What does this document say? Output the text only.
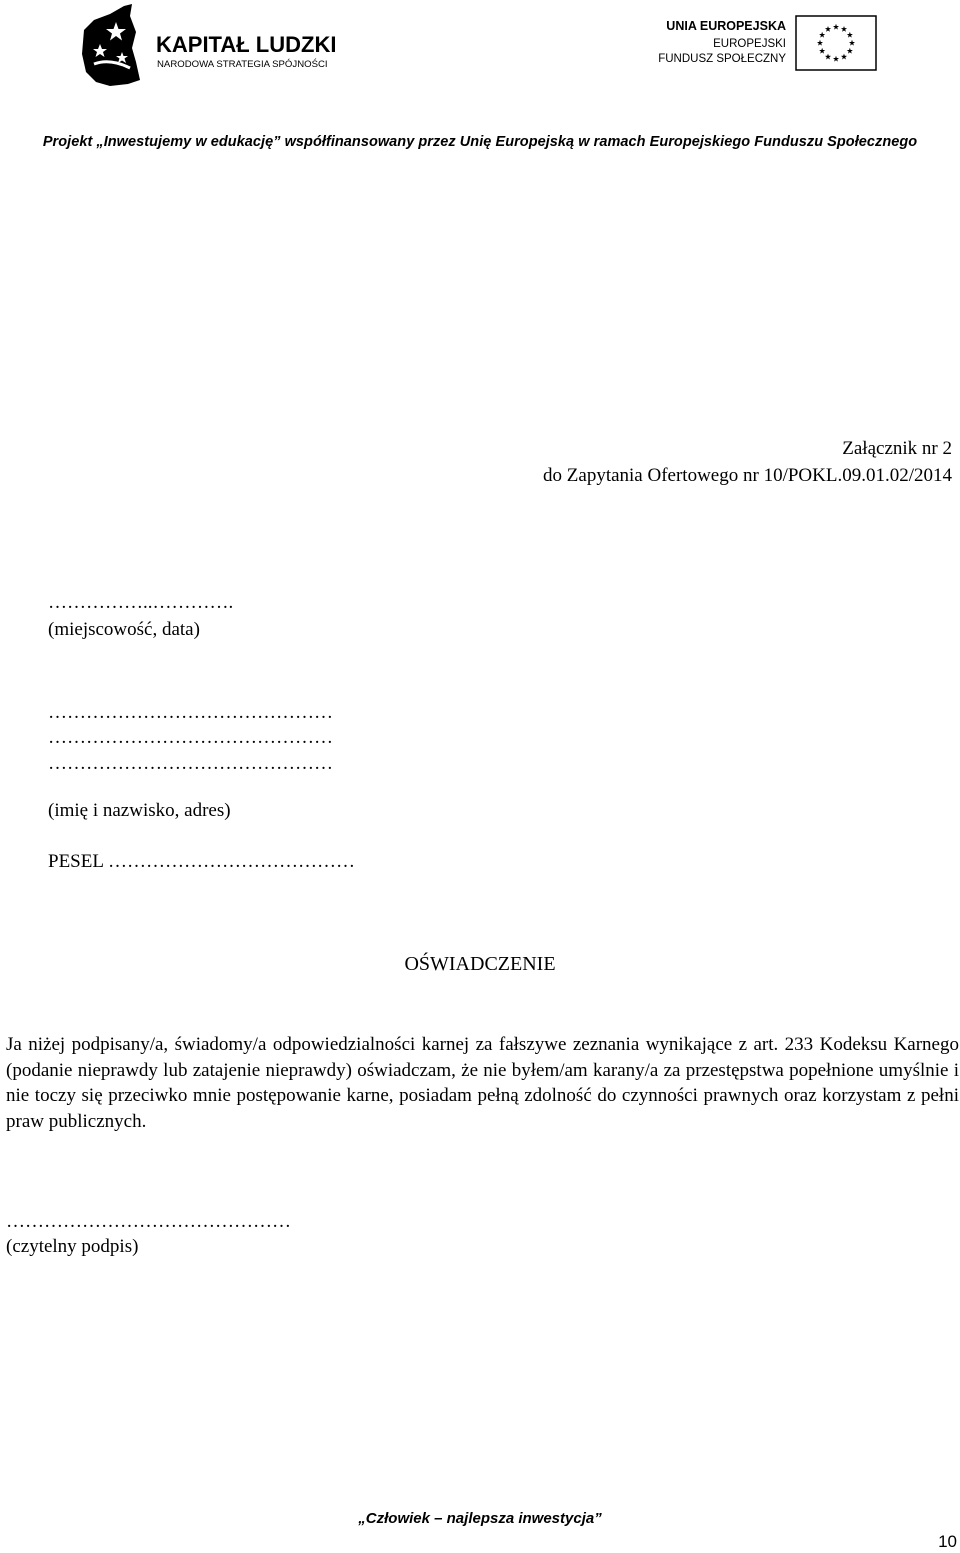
KAPITAŁ LUDZKI
NARODOWA STRATEGIA SPÓJNOŚCI
UNIA EUROPEJSKA
EUROPEJSKI
FUNDUSZ SPOŁECZNY
Projekt „Inwestujemy w edukację” współfinansowany przez Unię Europejską w ramach Europejskiego Funduszu Społecznego
Załącznik nr 2
do Zapytania Ofertowego nr 10/POKL.09.01.02/2014
……………..………….
(miejscowość, data)
………………………………………
………………………………………
………………………………………
(imię i nazwisko, adres)
PESEL …………………………………
OŚWIADCZENIE
Ja niżej podpisany/a, świadomy/a odpowiedzialności karnej za fałszywe zeznania wynikające z art. 233 Kodeksu Karnego (podanie nieprawdy lub zatajenie nieprawdy) oświadczam, że nie byłem/am karany/a za przestępstwa popełnione umyślnie i nie toczy się przeciwko mnie postępowanie karne, posiadam pełną zdolność do czynności prawnych oraz korzystam z pełni praw publicznych.
………………………………………
(czytelny podpis)
„Człowiek – najlepsza inwestycja”
10
